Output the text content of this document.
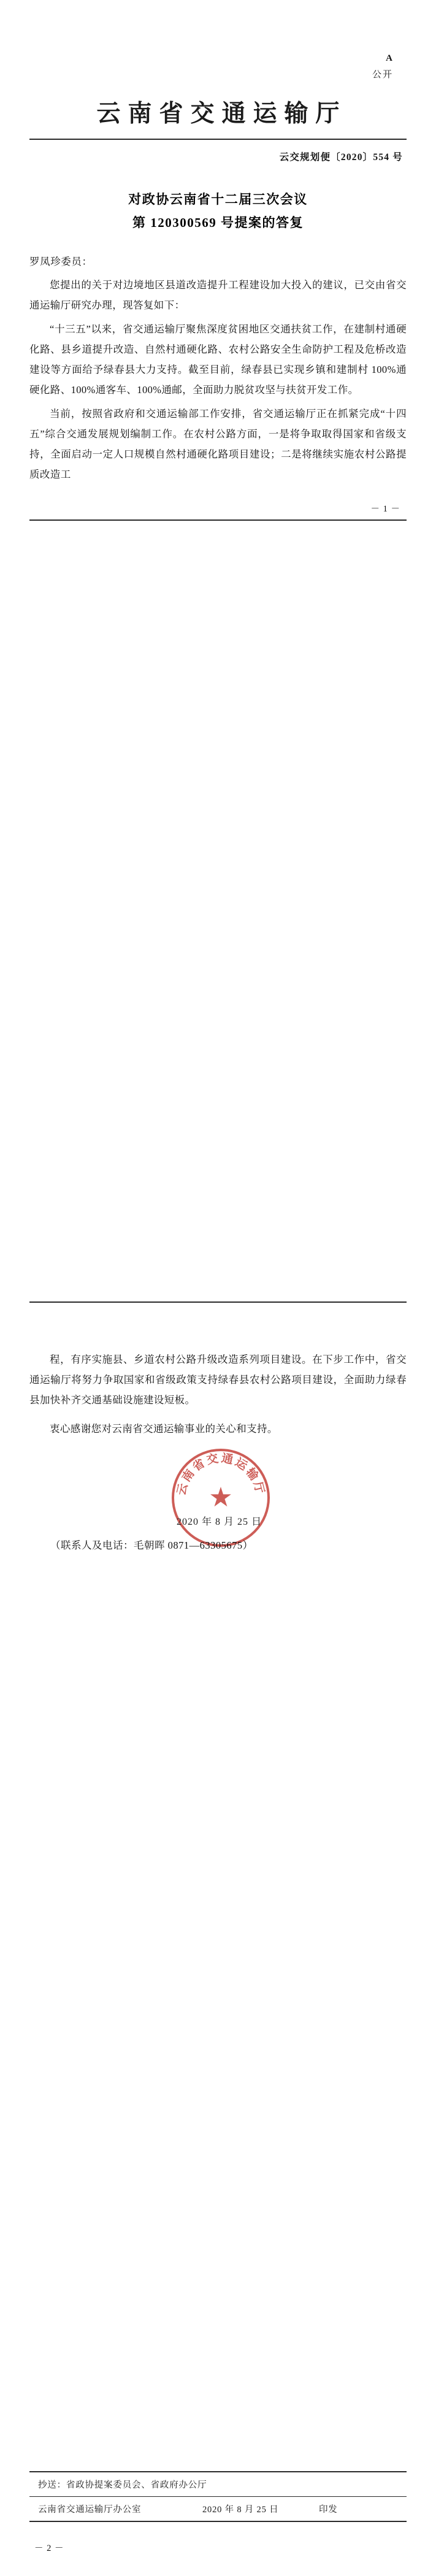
A
公开
云南省交通运输厅
云交规划便〔2020〕554 号
对政协云南省十二届三次会议
第 120300569 号提案的答复
罗凤珍委员：

您提出的关于对边境地区县道改造提升工程建设加大投入的建议，已交由省交通运输厅研究办理，现答复如下：

“十三五”以来，省交通运输厅聚焦深度贫困地区交通扶贫工作，在建制村通硬化路、县乡道提升改造、自然村通硬化路、农村公路安全生命防护工程及危桥改造建设等方面给予绿春县大力支持。截至目前，绿春县已实现乡镇和建制村 100%通硬化路、100%通客车、100%通邮，全面助力脱贫攻坚与扶贫开发工作。

当前，按照省政府和交通运输部工作安排，省交通运输厅正在抓紧完成“十四五”综合交通发展规划编制工作。在农村公路方面，一是将争取取得国家和省级支持，全面启动一定人口规模自然村通硬化路项目建设；二是将继续实施农村公路提质改造工

－ 1 －

程，有序实施县、乡道农村公路升级改造系列项目建设。在下步工作中，省交通运输厅将努力争取国家和省级政策支持绿春县农村公路项目建设，全面助力绿春县加快补齐交通基础设施建设短板。

衷心感谢您对云南省交通运输事业的关心和支持。

云南省交通运输厅
★
2020 年 8 月 25 日
（联系人及电话：毛朝晖 0871—63305675）
抄送： 省政协提案委员会、省政府办公厅
云南省交通运输厅办公室	2020 年 8 月 25 日	印发
－ 2 －
